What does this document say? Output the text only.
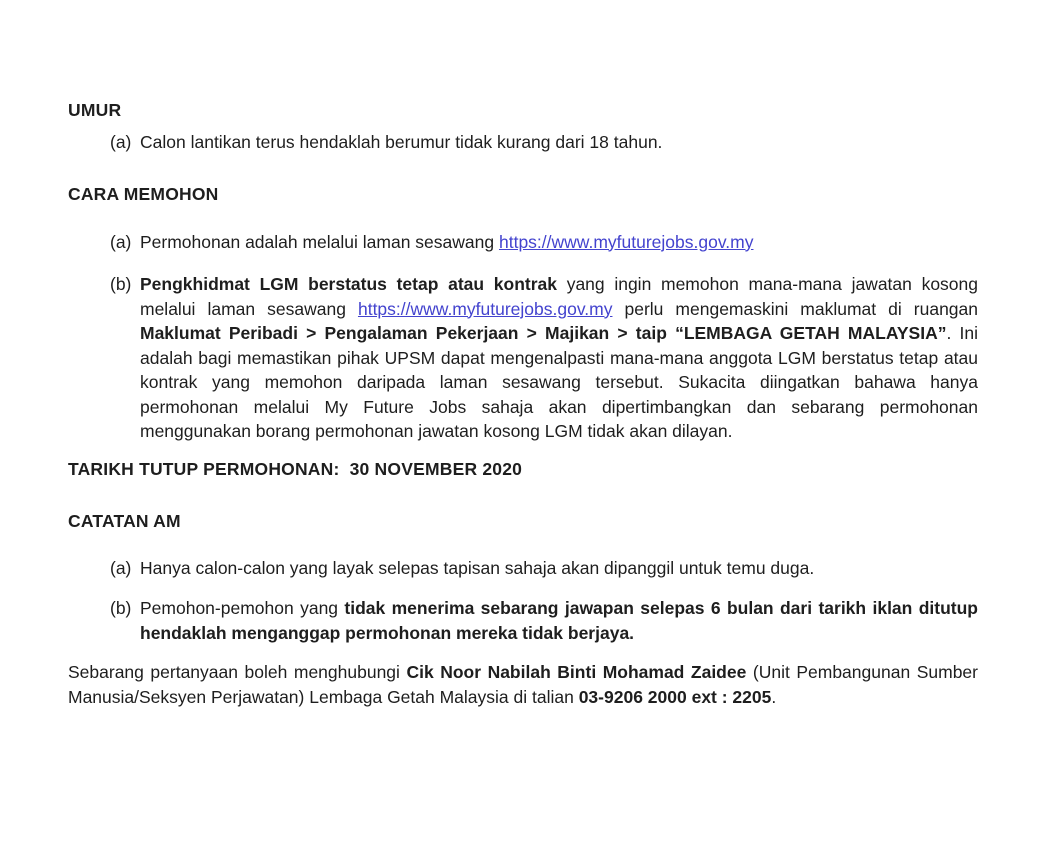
UMUR
(a) Calon lantikan terus hendaklah berumur tidak kurang dari 18 tahun.
CARA MEMOHON
(a) Permohonan adalah melalui laman sesawang https://www.myfuturejobs.gov.my
(b) Pengkhidmat LGM berstatus tetap atau kontrak yang ingin memohon mana-mana jawatan kosong melalui laman sesawang https://www.myfuturejobs.gov.my perlu mengemaskini maklumat di ruangan Maklumat Peribadi > Pengalaman Pekerjaan > Majikan > taip “LEMBAGA GETAH MALAYSIA”. Ini adalah bagi memastikan pihak UPSM dapat mengenalpasti mana-mana anggota LGM berstatus tetap atau kontrak yang memohon daripada laman sesawang tersebut. Sukacita diingatkan bahawa hanya permohonan melalui My Future Jobs sahaja akan dipertimbangkan dan sebarang permohonan menggunakan borang permohonan jawatan kosong LGM tidak akan dilayan.
TARIKH TUTUP PERMOHONAN:  30 NOVEMBER 2020
CATATAN AM
(a) Hanya calon-calon yang layak selepas tapisan sahaja akan dipanggil untuk temu duga.
(b) Pemohon-pemohon yang tidak menerima sebarang jawapan selepas 6 bulan dari tarikh iklan ditutup hendaklah menganggap permohonan mereka tidak berjaya.

Sebarang pertanyaan boleh menghubungi Cik Noor Nabilah Binti Mohamad Zaidee (Unit Pembangunan Sumber Manusia/Seksyen Perjawatan) Lembaga Getah Malaysia di talian 03-9206 2000 ext : 2205.
